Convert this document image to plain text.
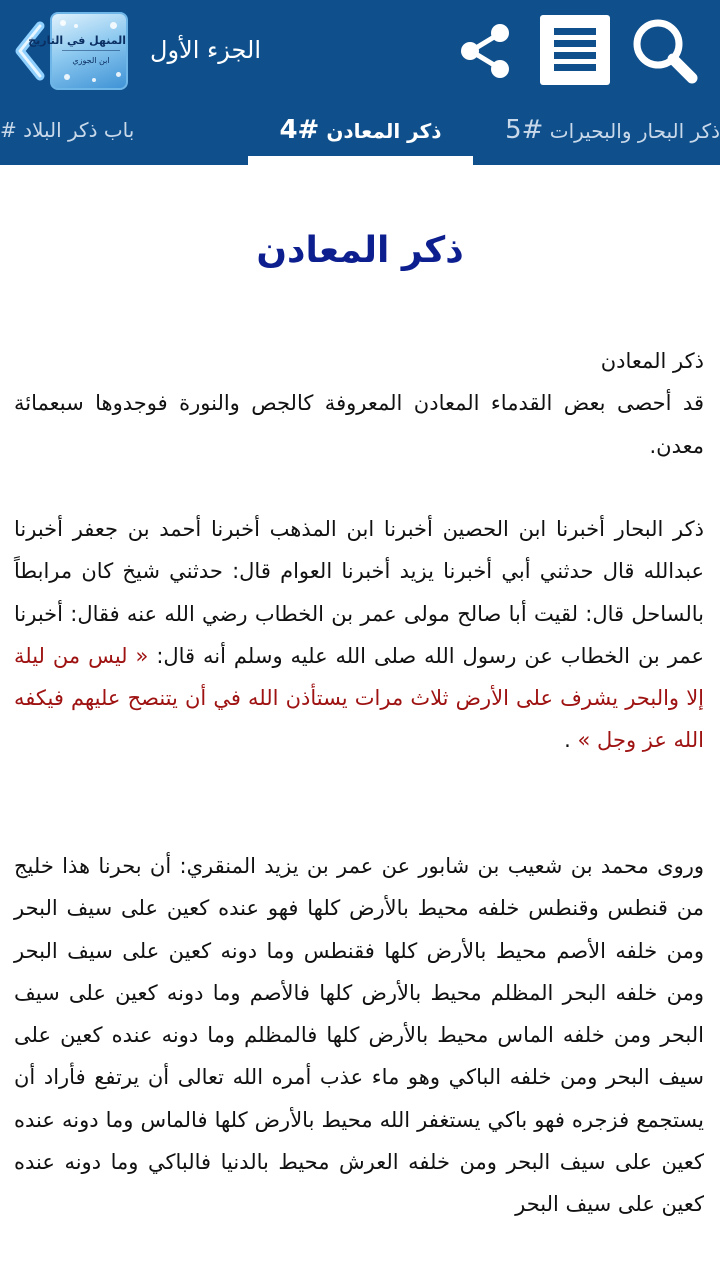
المنهل في التاريخ
ابن الجوزي	الجزء الأول
باب ذكر البلاد #	ذكر المعادن #4	ذكر البحار والبحيرات #5
ذكر المعادن

ذكر المعادن
قد أحصى بعض القدماء المعادن المعروفة كالجص والنورة فوجدوها سبعمائة معدن.

ذكر البحار أخبرنا ابن الحصين أخبرنا ابن المذهب أخبرنا أحمد بن جعفر أخبرنا عبدالله قال حدثني أبي أخبرنا يزيد أخبرنا العوام قال: حدثني شيخ كان مرابطاً بالساحل قال: لقيت أبا صالح مولى عمر بن الخطاب رضي الله عنه فقال: أخبرنا عمر بن الخطاب عن رسول الله صلى الله عليه وسلم أنه قال: « ليس من ليلة إلا والبحر يشرف على الأرض ثلاث مرات يستأذن الله في أن يتنصح عليهم فيكفه الله عز وجل » .

وروى محمد بن شعيب بن شابور عن عمر بن يزيد المنقري: أن بحرنا هذا خليج من قنطس وقنطس خلفه محيط بالأرض كلها فهو عنده كعين على سيف البحر ومن خلفه الأصم محيط بالأرض كلها فقنطس وما دونه كعين على سيف البحر ومن خلفه البحر المظلم محيط بالأرض كلها فالأصم وما دونه كعين على سيف البحر ومن خلفه الماس محيط بالأرض كلها فالمظلم وما دونه عنده كعين على سيف البحر ومن خلفه الباكي وهو ماء عذب أمره الله تعالى أن يرتفع فأراد أن يستجمع فزجره فهو باكي يستغفر الله محيط بالأرض كلها فالماس وما دونه عنده كعين على سيف البحر ومن خلفه العرش محيط بالدنيا فالباكي وما دونه عنده كعين على سيف البحر
